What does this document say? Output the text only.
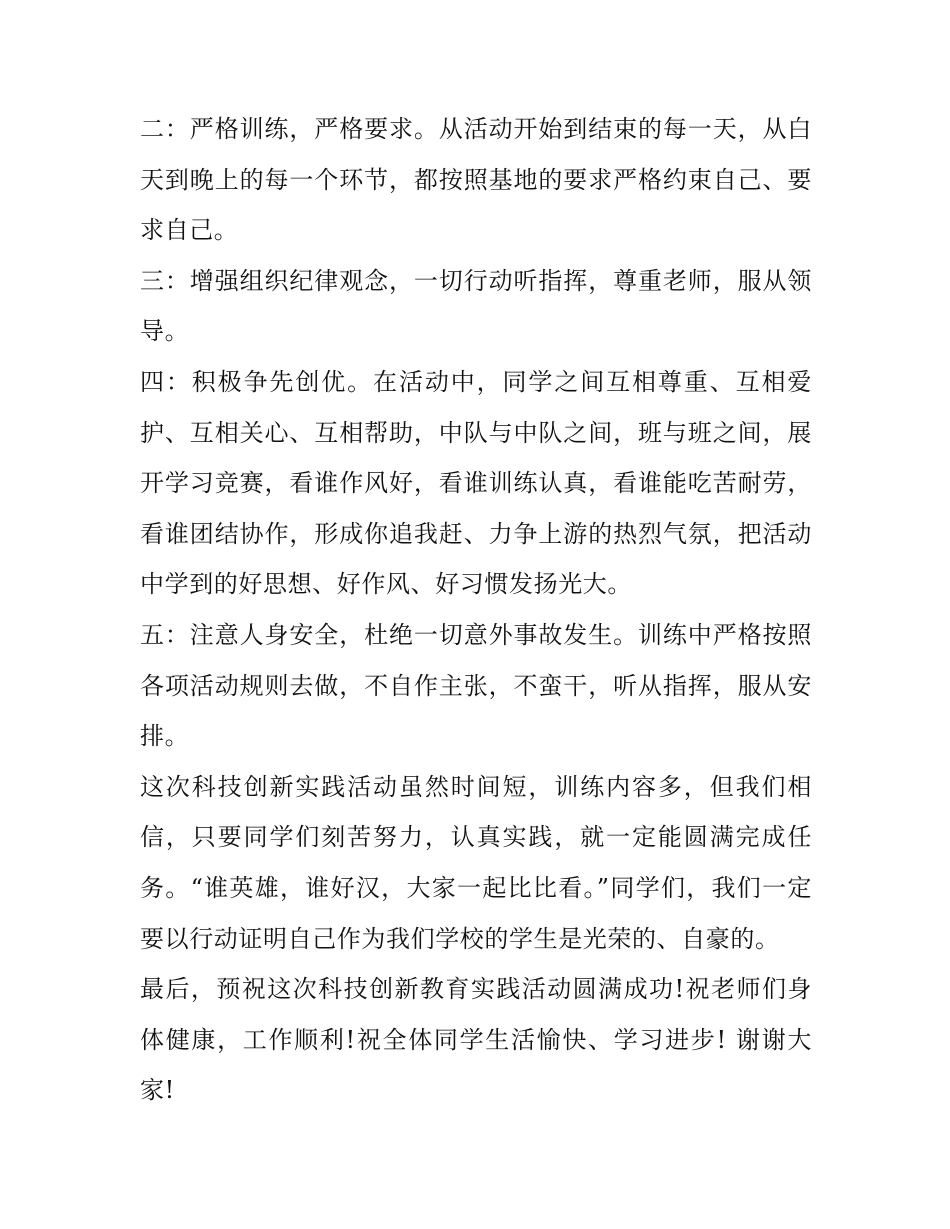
二：严格训练，严格要求。从活动开始到结束的每一天，从白天到晚上的每一个环节，都按照基地的要求严格约束自己、要求自己。

三：增强组织纪律观念，一切行动听指挥，尊重老师，服从领导。

四：积极争先创优。在活动中，同学之间互相尊重、互相爱护、互相关心、互相帮助，中队与中队之间，班与班之间，展开学习竞赛，看谁作风好，看谁训练认真，看谁能吃苦耐劳，看谁团结协作，形成你追我赶、力争上游的热烈气氛，把活动中学到的好思想、好作风、好习惯发扬光大。

五：注意人身安全，杜绝一切意外事故发生。训练中严格按照各项活动规则去做，不自作主张，不蛮干，听从指挥，服从安排。

这次科技创新实践活动虽然时间短，训练内容多，但我们相信，只要同学们刻苦努力，认真实践，就一定能圆满完成任务。“谁英雄，谁好汉，大家一起比比看。”同学们，我们一定要以行动证明自己作为我们学校的学生是光荣的、自豪的。

最后，预祝这次科技创新教育实践活动圆满成功!祝老师们身体健康，工作顺利!祝全体同学生活愉快、学习进步! 谢谢大家!
